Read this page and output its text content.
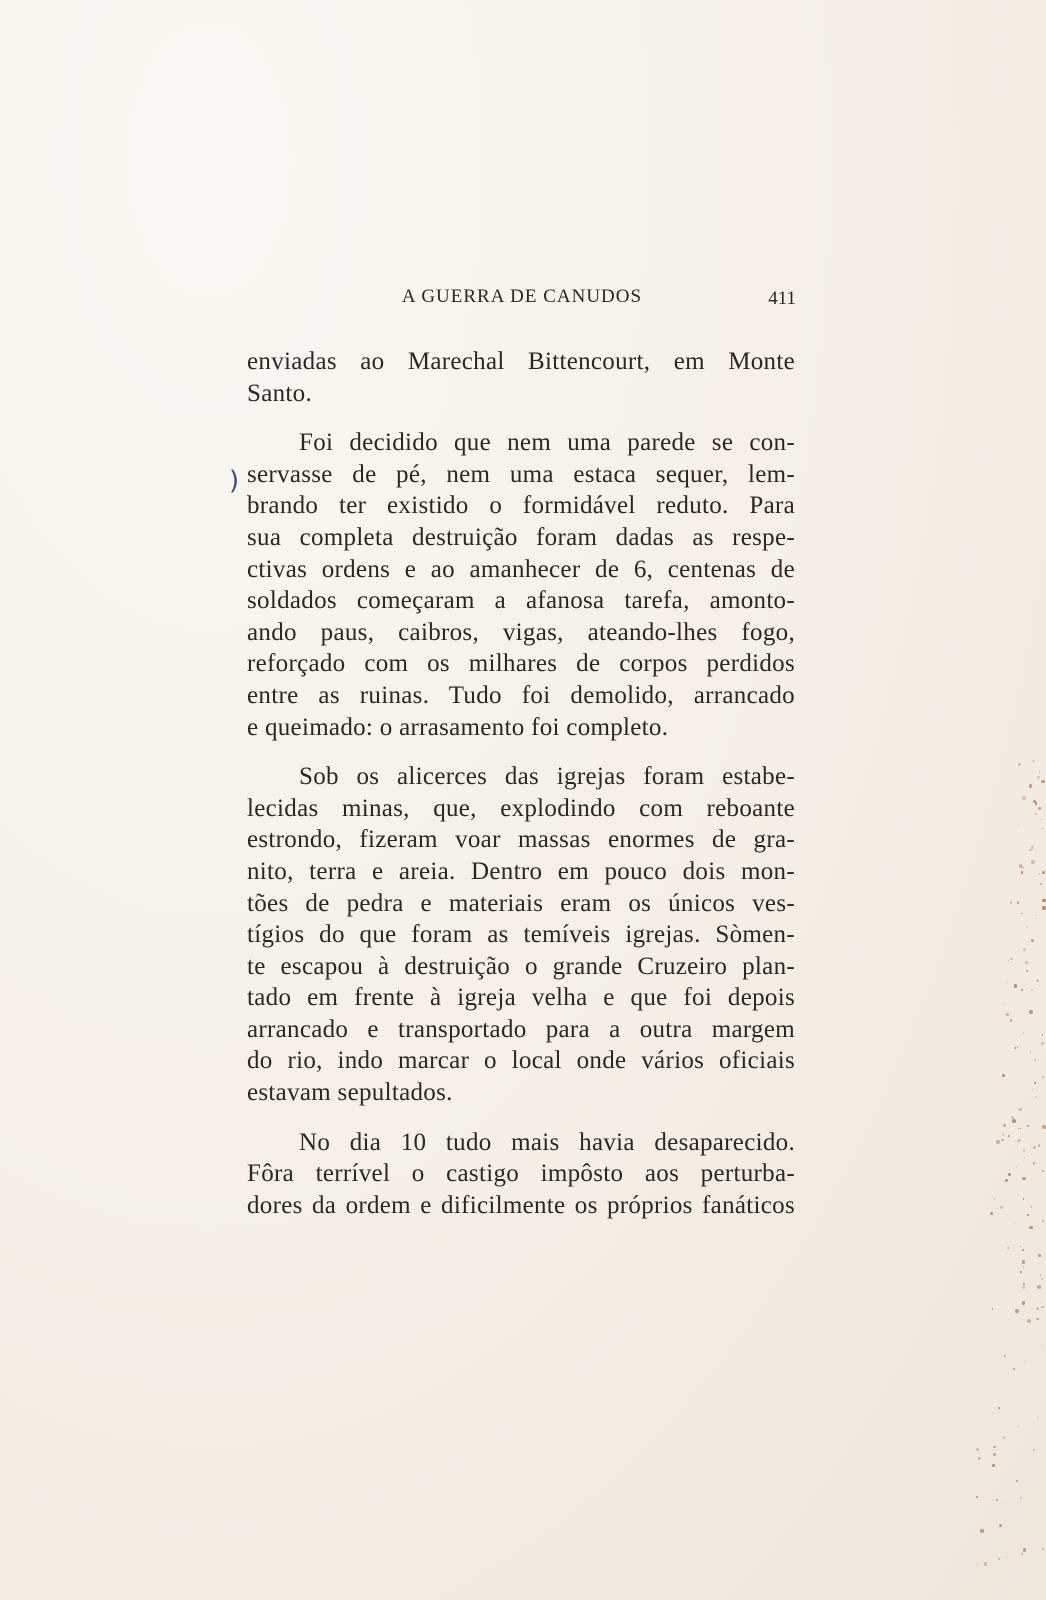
A GUERRA DE CANUDOS	411
)
enviadas ao Marechal Bittencourt, em Monte
Santo.
Foi decidido que nem uma parede se con-
servasse de pé, nem uma estaca sequer, lem-
brando ter existido o formidável reduto. Para
sua completa destruição foram dadas as respe-
ctivas ordens e ao amanhecer de 6, centenas de
soldados começaram a afanosa tarefa, amonto-
ando paus, caibros, vigas, ateando-lhes fogo,
reforçado com os milhares de corpos perdidos
entre as ruinas. Tudo foi demolido, arrancado
e queimado: o arrasamento foi completo.
Sob os alicerces das igrejas foram estabe-
lecidas minas, que, explodindo com reboante
estrondo, fizeram voar massas enormes de gra-
nito, terra e areia. Dentro em pouco dois mon-
tões de pedra e materiais eram os únicos ves-
tígios do que foram as temíveis igrejas. Sòmen-
te escapou à destruição o grande Cruzeiro plan-
tado em frente à igreja velha e que foi depois
arrancado e transportado para a outra margem
do rio, indo marcar o local onde vários oficiais
estavam sepultados.
No dia 10 tudo mais havia desaparecido.
Fôra terrível o castigo impôsto aos perturba-
dores da ordem e dificilmente os próprios fanáticos
